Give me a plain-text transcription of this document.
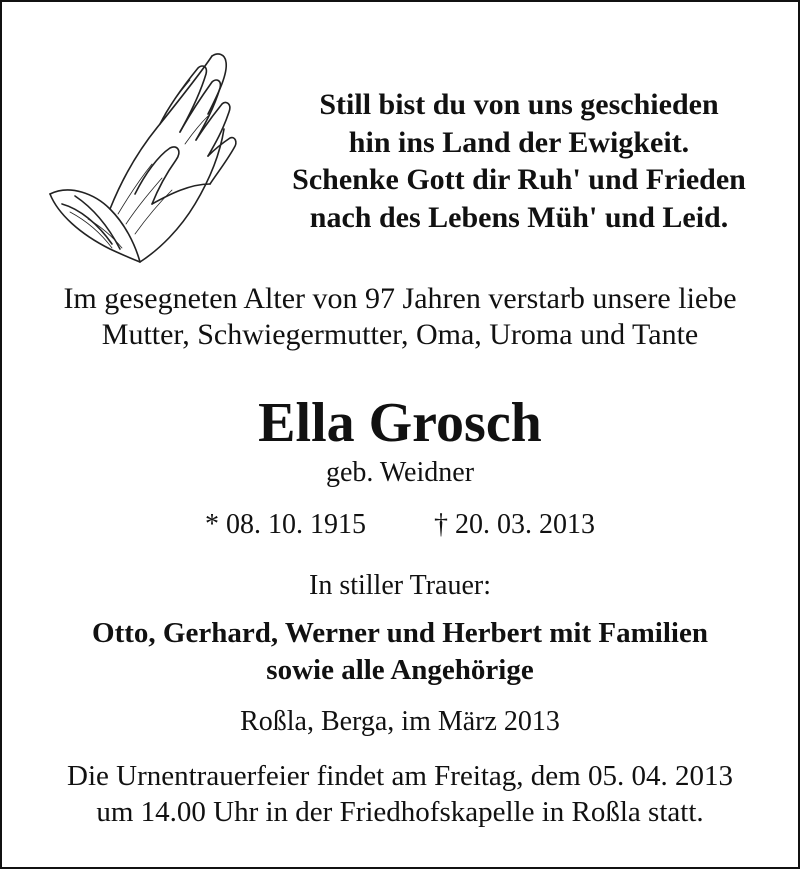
Still bist du von uns geschieden
hin ins Land der Ewigkeit.
Schenke Gott dir Ruh' und Frieden
nach des Lebens Müh' und Leid.
Im gesegneten Alter von 97 Jahren verstarb unsere liebe
Mutter, Schwiegermutter, Oma, Uroma und Tante
Ella Grosch
geb. Weidner
* 08. 10. 1915 † 20. 03. 2013
In stiller Trauer:
Otto, Gerhard, Werner und Herbert mit Familien
sowie alle Angehörige
Roßla, Berga, im März 2013
Die Urnentrauerfeier findet am Freitag, dem 05. 04. 2013
um 14.00 Uhr in der Friedhofskapelle in Roßla statt.
